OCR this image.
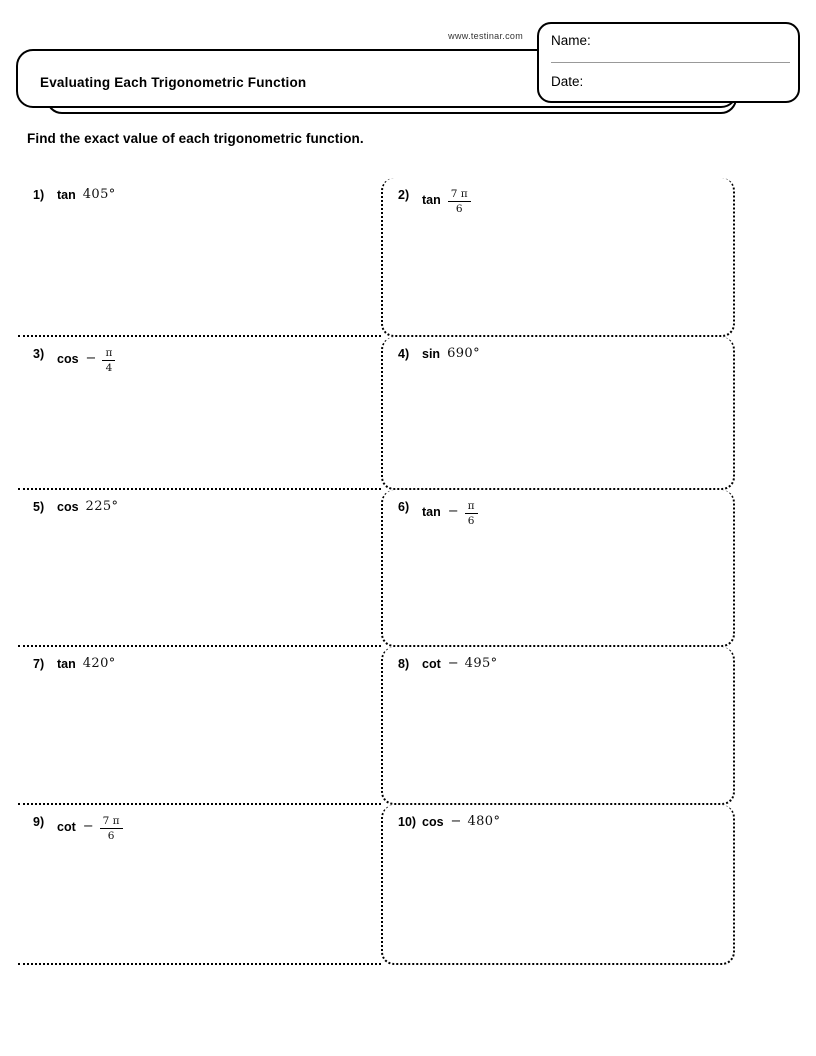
www.testinar.com
Evaluating Each Trigonometric Function
Name:
Date:
Find the exact value of each trigonometric function.
1)	tan 405°	2)	$\tan \frac{7 \pi}{6}$
3)	$\cos - \frac{\pi}{4}$	4)	sin 690°
5)	cos 225°	6)	$\tan - \frac{\pi}{6}$
7)	tan 420°	8)	cot − 495°
9)	$\cot - \frac{7 \pi}{6}$	10) cos − 480°
